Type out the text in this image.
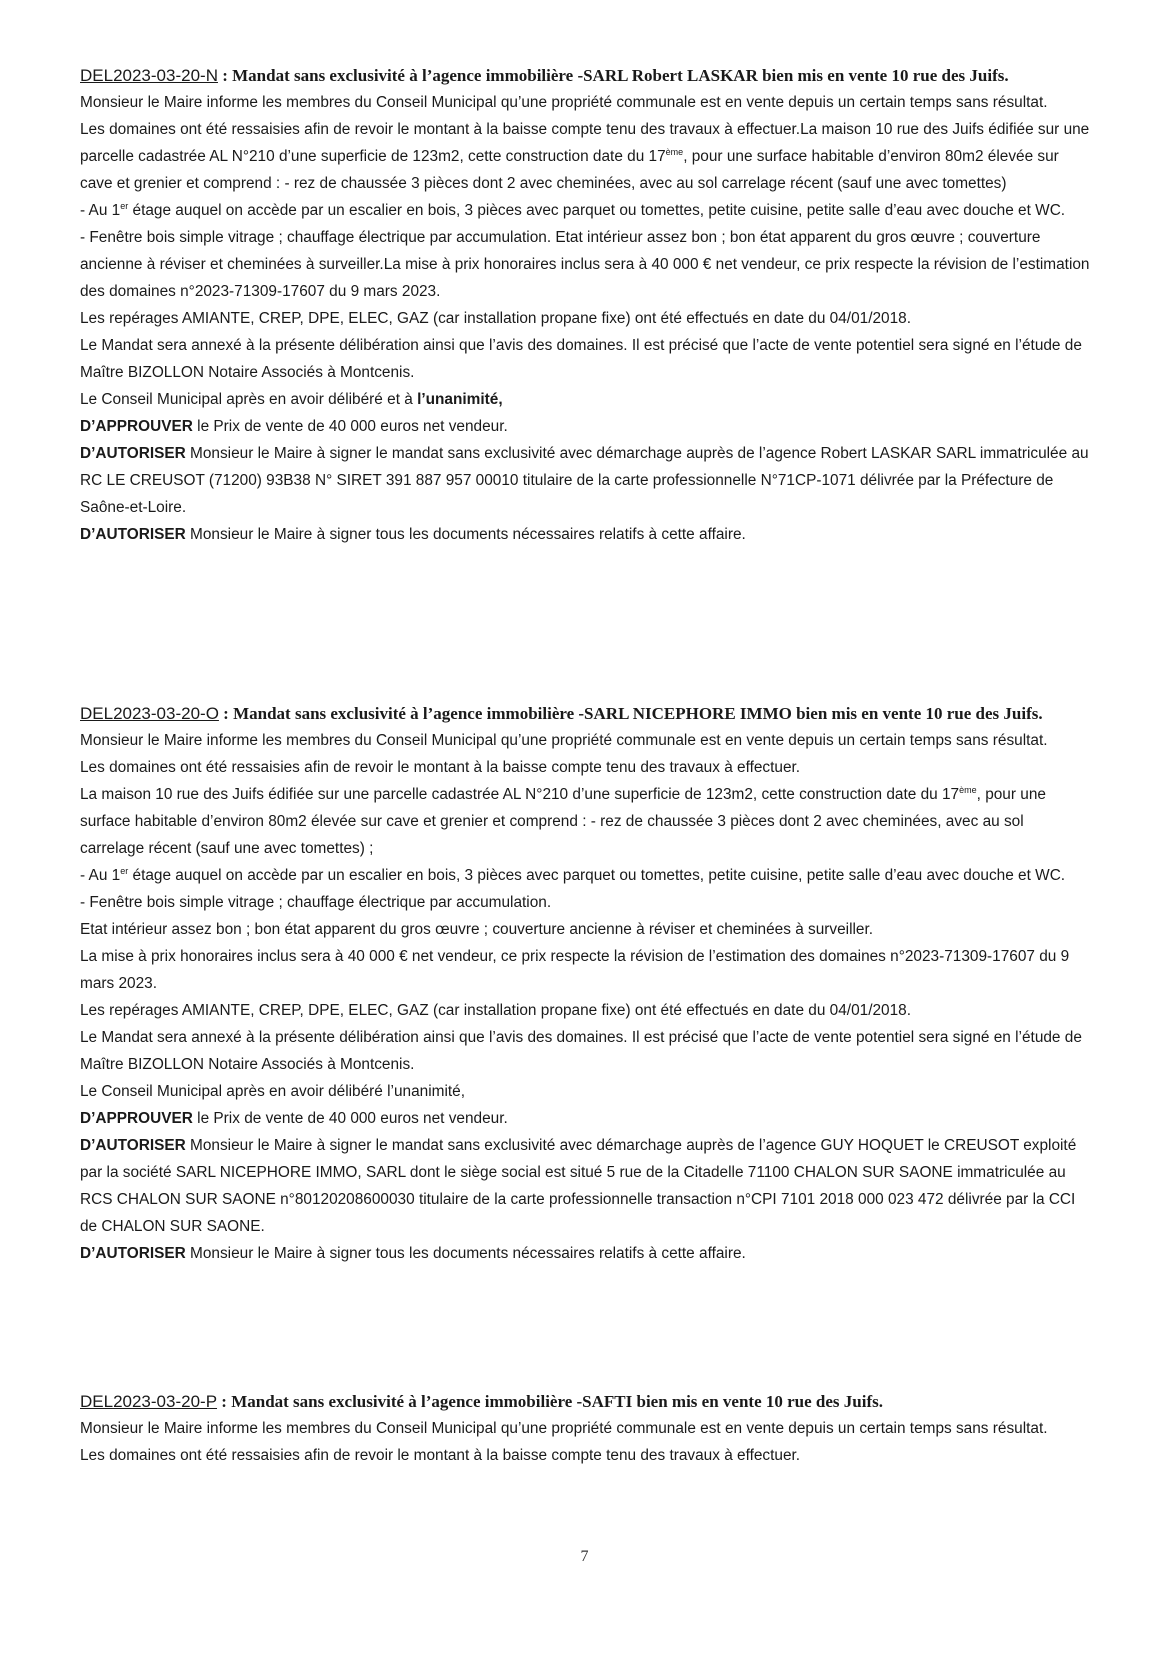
DEL2023-03-20-N : Mandat sans exclusivité à l’agence immobilière -SARL Robert LASKAR bien mis en vente 10 rue des Juifs.

Monsieur le Maire informe les membres du Conseil Municipal qu’une propriété communale est en vente depuis un certain temps sans résultat.

Les domaines ont été ressaisies afin de revoir le montant à la baisse compte tenu des travaux à effectuer.La maison 10 rue des Juifs édifiée sur une parcelle cadastrée AL N°210 d’une superficie de 123m2, cette construction date du 17ème, pour une surface habitable d’environ 80m2 élevée sur cave et grenier et comprend : - rez de chaussée 3 pièces dont 2 avec cheminées, avec au sol carrelage récent (sauf une avec tomettes)

- Au 1er étage auquel on accède par un escalier en bois, 3 pièces avec parquet ou tomettes, petite cuisine, petite salle d’eau avec douche et WC.

- Fenêtre bois simple vitrage ; chauffage électrique par accumulation. Etat intérieur assez bon ; bon état apparent du gros œuvre ; couverture ancienne à réviser et cheminées à surveiller.La mise à prix honoraires inclus sera à 40 000 € net vendeur, ce prix respecte la révision de l’estimation des domaines n°2023-71309-17607 du 9 mars 2023.

Les repérages AMIANTE, CREP, DPE, ELEC, GAZ (car installation propane fixe) ont été effectués en date du 04/01/2018.

Le Mandat sera annexé à la présente délibération ainsi que l’avis des domaines. Il est précisé que l’acte de vente potentiel sera signé en l’étude de Maître BIZOLLON Notaire Associés à Montcenis.

Le Conseil Municipal après en avoir délibéré et à l’unanimité,

D’APPROUVER le Prix de vente de 40 000 euros net vendeur.

D’AUTORISER Monsieur le Maire à signer le mandat sans exclusivité avec démarchage auprès de l’agence Robert LASKAR SARL immatriculée au RC LE CREUSOT (71200) 93B38 N° SIRET 391 887 957 00010 titulaire de la carte professionnelle N°71CP-1071 délivrée par la Préfecture de Saône-et-Loire.

D’AUTORISER Monsieur le Maire à signer tous les documents nécessaires relatifs à cette affaire.

DEL2023-03-20-O : Mandat sans exclusivité à l’agence immobilière -SARL NICEPHORE IMMO bien mis en vente 10 rue des Juifs.

Monsieur le Maire informe les membres du Conseil Municipal qu’une propriété communale est en vente depuis un certain temps sans résultat.

Les domaines ont été ressaisies afin de revoir le montant à la baisse compte tenu des travaux à effectuer.

La maison 10 rue des Juifs édifiée sur une parcelle cadastrée AL N°210 d’une superficie de 123m2, cette construction date du 17ème, pour une surface habitable d’environ 80m2 élevée sur cave et grenier et comprend : - rez de chaussée 3 pièces dont 2 avec cheminées, avec au sol carrelage récent (sauf une avec tomettes) ;

- Au 1er étage auquel on accède par un escalier en bois, 3 pièces avec parquet ou tomettes, petite cuisine, petite salle d’eau avec douche et WC.

- Fenêtre bois simple vitrage ; chauffage électrique par accumulation.

Etat intérieur assez bon ; bon état apparent du gros œuvre ; couverture ancienne à réviser et cheminées à surveiller.

La mise à prix honoraires inclus sera à 40 000 € net vendeur, ce prix respecte la révision de l’estimation des domaines n°2023-71309-17607 du 9 mars 2023.

Les repérages AMIANTE, CREP, DPE, ELEC, GAZ (car installation propane fixe) ont été effectués en date du 04/01/2018.

Le Mandat sera annexé à la présente délibération ainsi que l’avis des domaines. Il est précisé que l’acte de vente potentiel sera signé en l’étude de Maître BIZOLLON Notaire Associés à Montcenis.

Le Conseil Municipal après en avoir délibéré l’unanimité,

D’APPROUVER le Prix de vente de 40 000 euros net vendeur.

D’AUTORISER Monsieur le Maire à signer le mandat sans exclusivité avec démarchage auprès de l’agence GUY HOQUET le CREUSOT exploité par la société SARL NICEPHORE IMMO, SARL dont le siège social est situé 5 rue de la Citadelle 71100 CHALON SUR SAONE immatriculée au RCS CHALON SUR SAONE n°80120208600030 titulaire de la carte professionnelle transaction n°CPI 7101 2018 000 023 472 délivrée par la CCI de CHALON SUR SAONE.

D’AUTORISER Monsieur le Maire à signer tous les documents nécessaires relatifs à cette affaire.

DEL2023-03-20-P : Mandat sans exclusivité à l’agence immobilière -SAFTI bien mis en vente 10 rue des Juifs.

Monsieur le Maire informe les membres du Conseil Municipal qu’une propriété communale est en vente depuis un certain temps sans résultat.

Les domaines ont été ressaisies afin de revoir le montant à la baisse compte tenu des travaux à effectuer.

7
